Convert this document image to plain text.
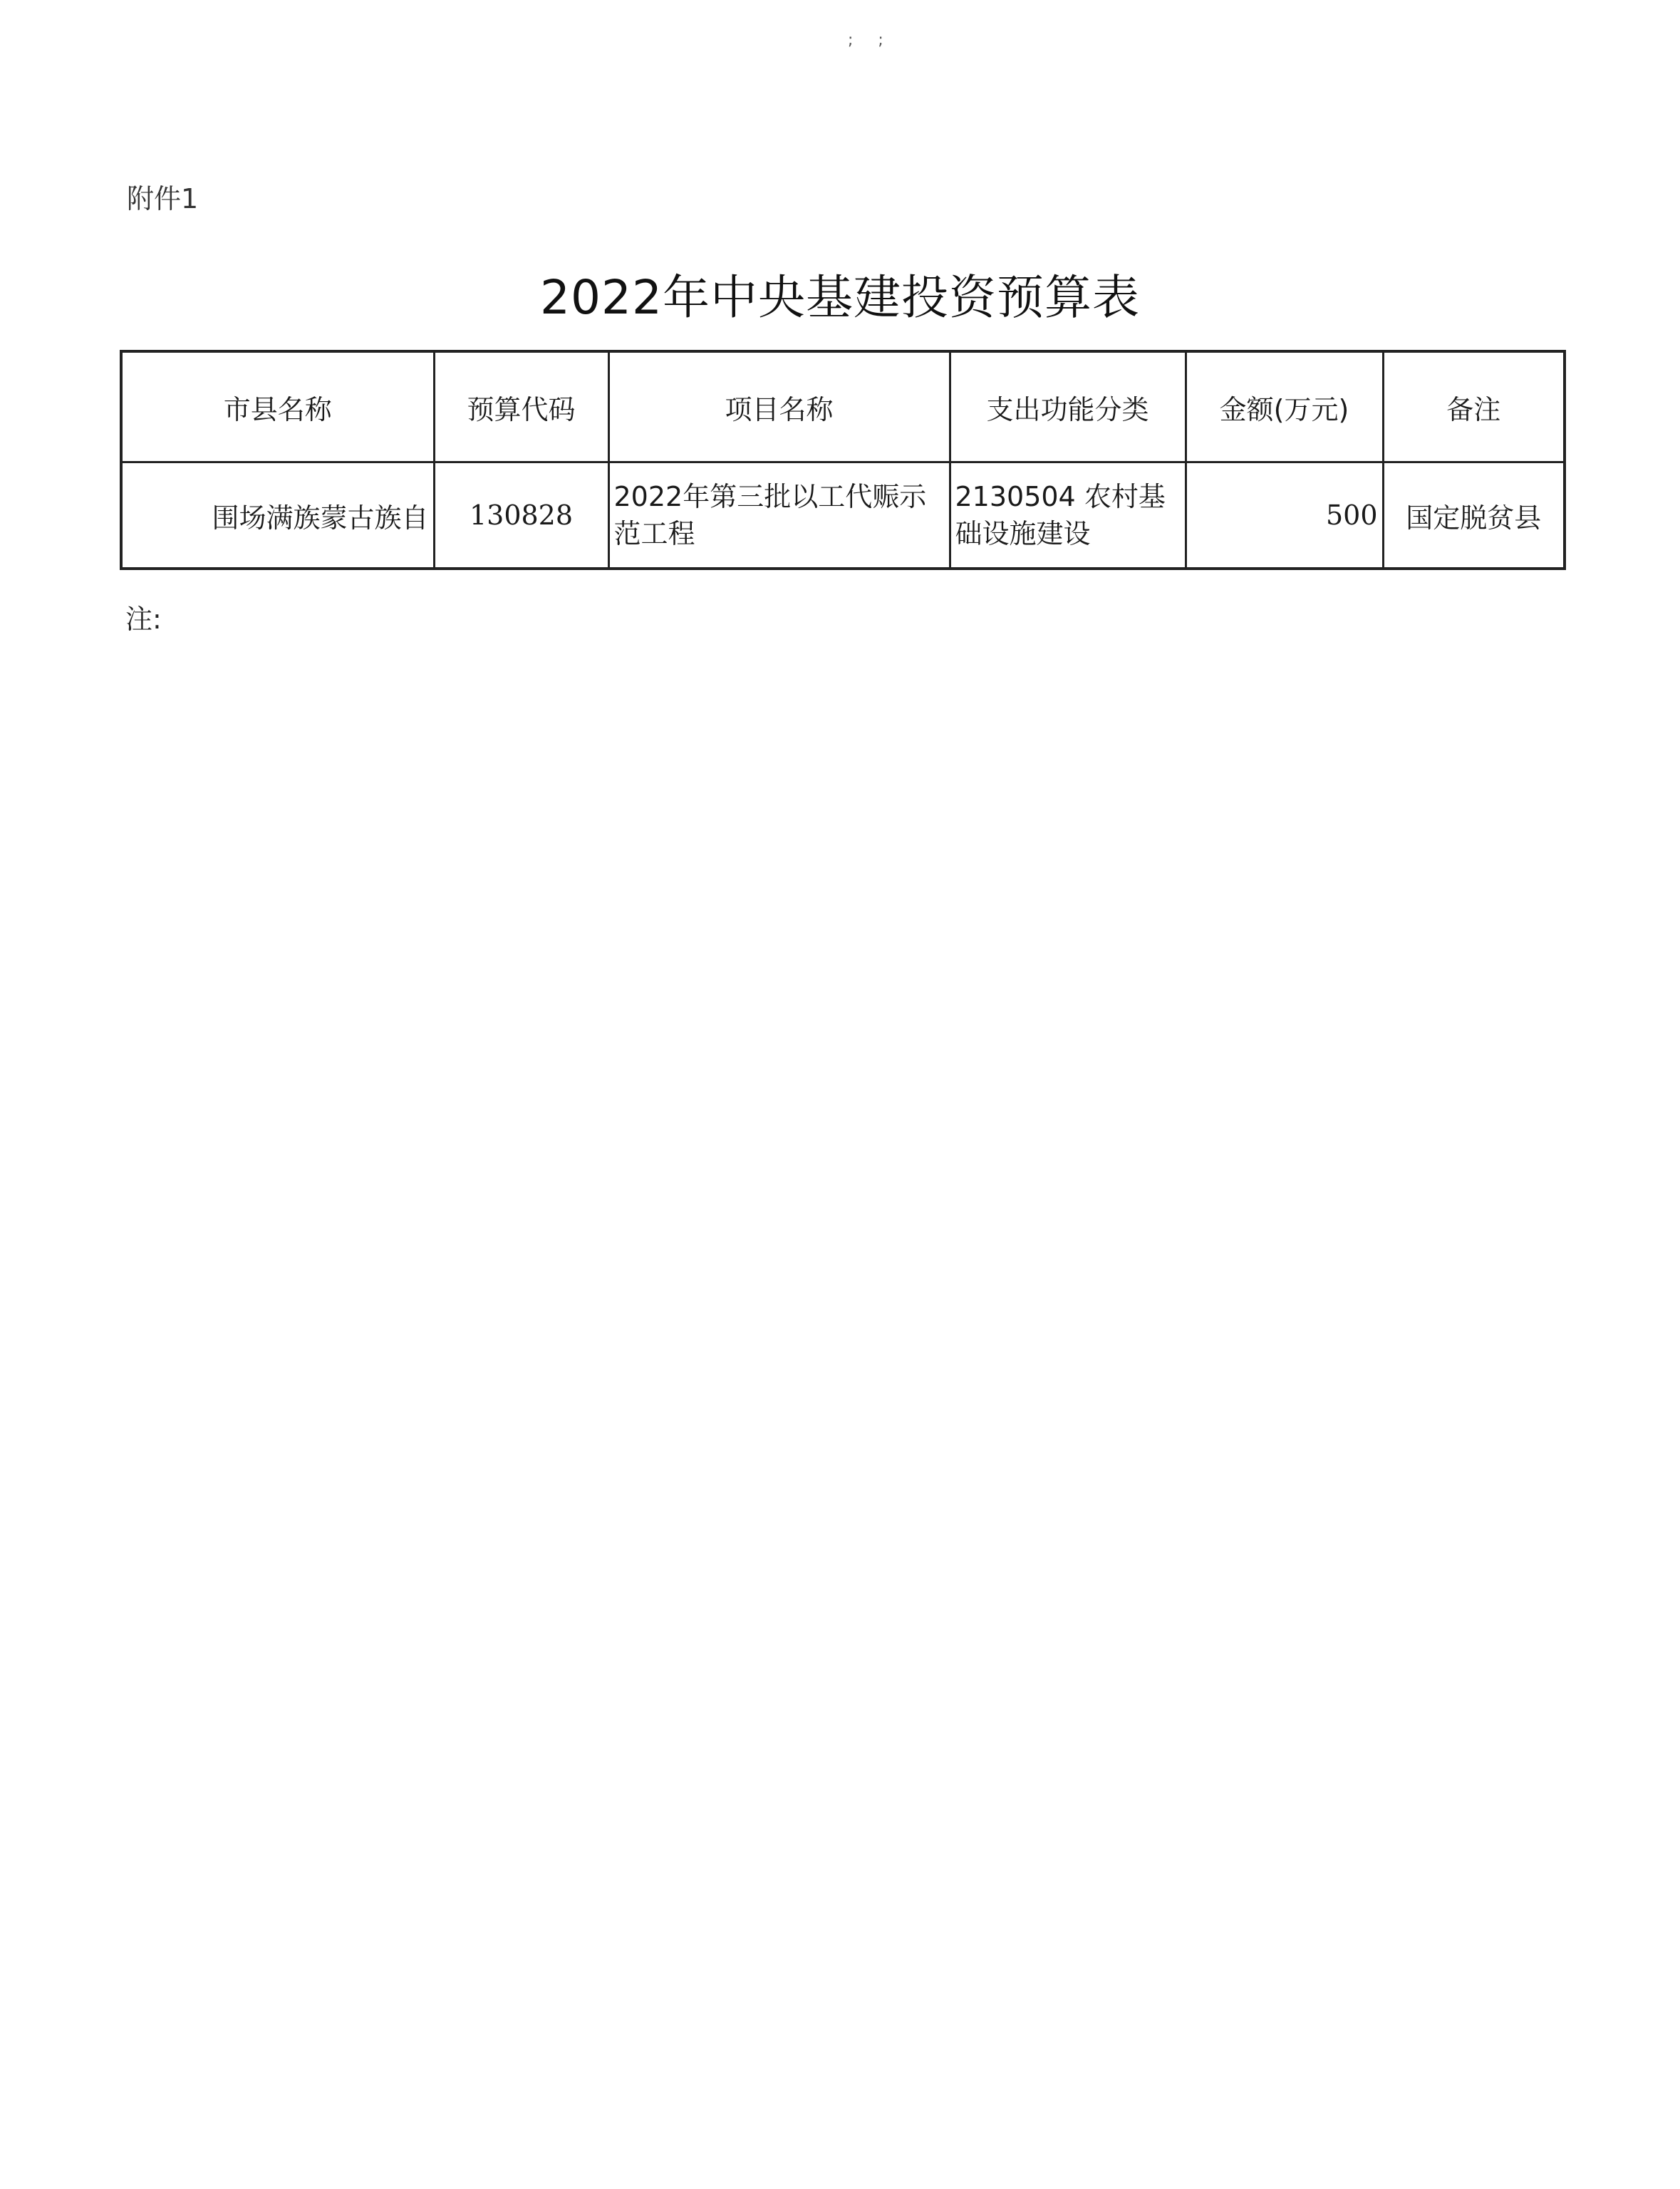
; ;
附件1
2022年中央基建投资预算表
市县名称	预算代码	项目名称	支出功能分类	金额(万元)	备注
围场满族蒙古族自	130828	2022年第三批以工代赈示范工程	2130504 农村基础设施建设	500	国定脱贫县
注:
